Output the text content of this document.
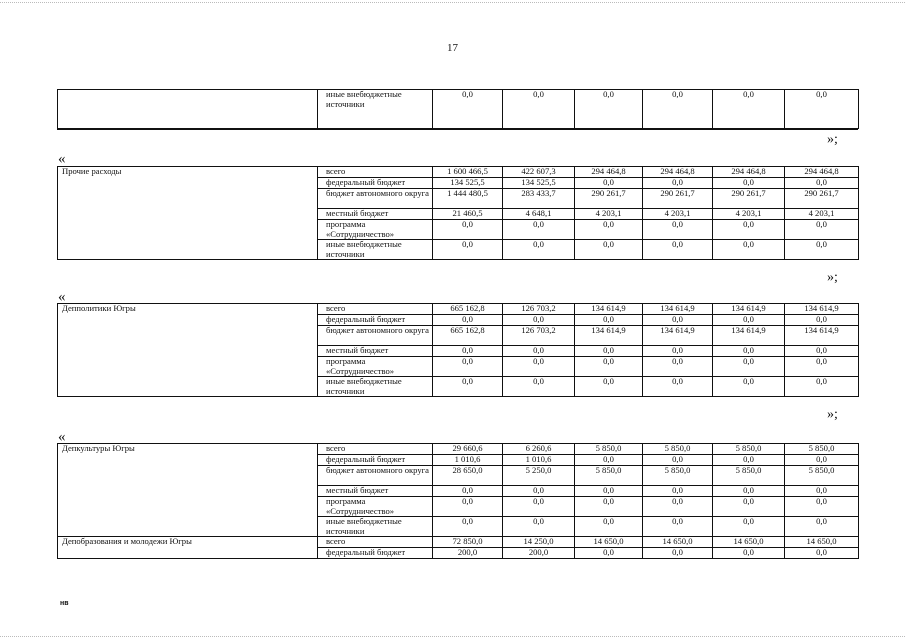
17
	иные внебюджетные источники	0,0	0,0	0,0	0,0	0,0	0,0
»;
«
Прочие расходы	всего	1 600 466,5	422 607,3	294 464,8	294 464,8	294 464,8	294 464,8
	федеральный бюджет	134 525,5	134 525,5	0,0	0,0	0,0	0,0
	бюджет автономного округа	1 444 480,5	283 433,7	290 261,7	290 261,7	290 261,7	290 261,7
	местный бюджет	21 460,5	4 648,1	4 203,1	4 203,1	4 203,1	4 203,1
	программа «Сотрудничество»	0,0	0,0	0,0	0,0	0,0	0,0
	иные внебюджетные источники	0,0	0,0	0,0	0,0	0,0	0,0
»;
«
Депполитики Югры	всего	665 162,8	126 703,2	134 614,9	134 614,9	134 614,9	134 614,9
	федеральный бюджет	0,0	0,0	0,0	0,0	0,0	0,0
	бюджет автономного округа	665 162,8	126 703,2	134 614,9	134 614,9	134 614,9	134 614,9
	местный бюджет	0,0	0,0	0,0	0,0	0,0	0,0
	программа «Сотрудничество»	0,0	0,0	0,0	0,0	0,0	0,0
	иные внебюджетные источники	0,0	0,0	0,0	0,0	0,0	0,0
»;
«
Депкультуры Югры	всего	29 660,6	6 260,6	5 850,0	5 850,0	5 850,0	5 850,0
	федеральный бюджет	1 010,6	1 010,6	0,0	0,0	0,0	0,0
	бюджет автономного округа	28 650,0	5 250,0	5 850,0	5 850,0	5 850,0	5 850,0
	местный бюджет	0,0	0,0	0,0	0,0	0,0	0,0
	программа «Сотрудничество»	0,0	0,0	0,0	0,0	0,0	0,0
	иные внебюджетные источники	0,0	0,0	0,0	0,0	0,0	0,0
Депобразования и молодежи Югры	всего	72 850,0	14 250,0	14 650,0	14 650,0	14 650,0	14 650,0
	федеральный бюджет	200,0	200,0	0,0	0,0	0,0	0,0
нв
